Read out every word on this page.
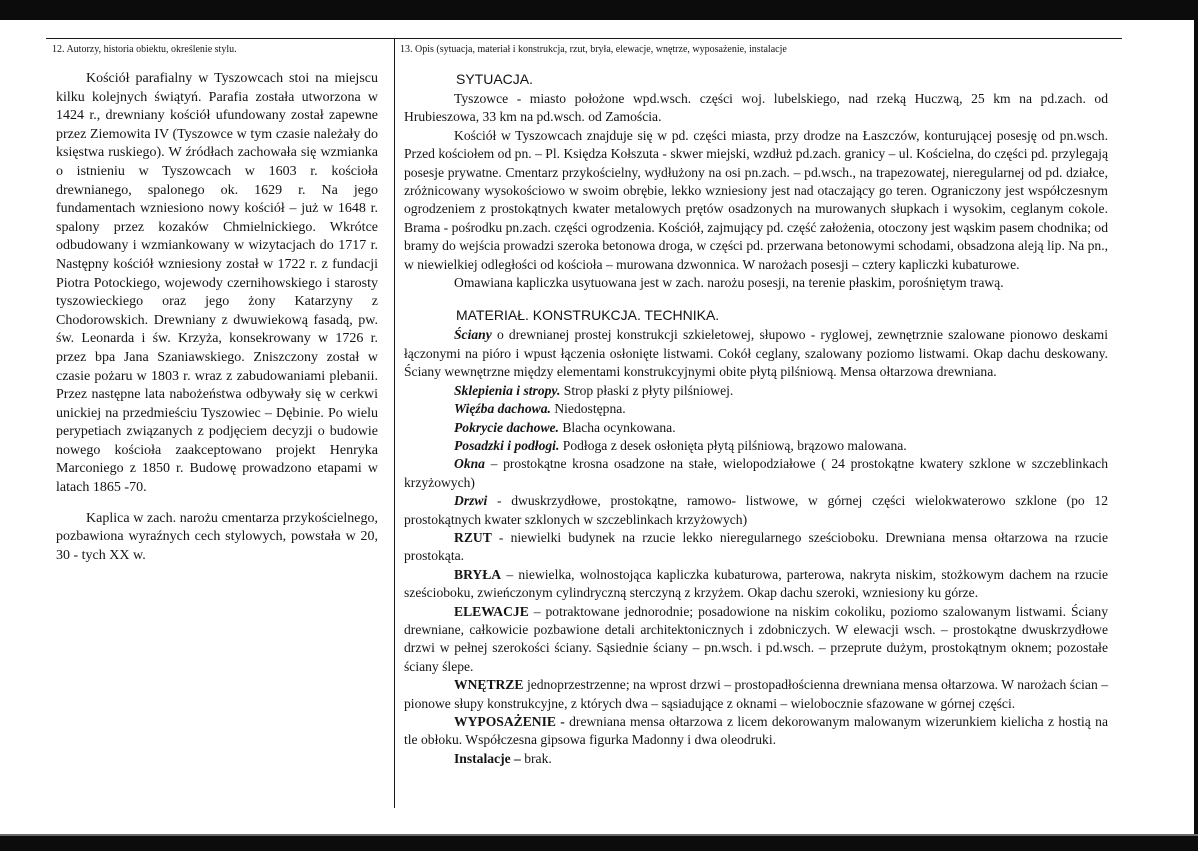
12. Autorzy, historia obiektu, określenie stylu.	13. Opis (sytuacja, materiał i konstrukcja, rzut, bryła, elewacje, wnętrze, wyposażenie, instalacje

Kościół parafialny w Tyszowcach stoi na miejscu kilku kolejnych świątyń. Parafia została utworzona w 1424 r., drewniany kościół ufundowany został zapewne przez Ziemowita IV (Tyszowce w tym czasie należały do księstwa ruskiego). W źródłach zachowała się wzmianka o istnieniu w Tyszowcach w 1603 r. kościoła drewnianego, spalonego ok. 1629 r. Na jego fundamentach wzniesiono nowy kościół – już w 1648 r. spalony przez kozaków Chmielnickiego. Wkrótce odbudowany i wzmiankowany w wizytacjach do 1717 r. Następny kościół wzniesiony został w 1722 r. z fundacji Piotra Potockiego, wojewody czernihowskiego i starosty tyszowieckiego oraz jego żony Katarzyny z Chodorowskich. Drewniany z dwuwiekową fasadą, pw. św. Leonarda i św. Krzyża, konsekrowany w 1726 r. przez bpa Jana Szaniawskiego. Zniszczony został w czasie pożaru w 1803 r. wraz z zabudowaniami plebanii. Przez następne lata nabożeństwa odbywały się w cerkwi unickiej na przedmieściu Tyszowiec – Dębinie. Po wielu perypetiach związanych z podjęciem decyzji o budowie nowego kościoła zaakceptowano projekt Henryka Marconiego z 1850 r. Budowę prowadzono etapami w latach 1865 -70.

Kaplica w zach. narożu cmentarza przykościelnego, pozbawiona wyraźnych cech stylowych, powstała w 20, 30 - tych XX w.

SYTUACJA.

Tyszowce - miasto położone wpd.wsch. części woj. lubelskiego, nad rzeką Huczwą, 25 km na pd.zach. od Hrubieszowa, 33 km na pd.wsch. od Zamościa.

Kościół w Tyszowcach znajduje się w pd. części miasta, przy drodze na Łaszczów, konturującej posesję od pn.wsch. Przed kościołem od pn. – Pl. Księdza Kołszuta - skwer miejski, wzdłuż pd.zach. granicy – ul. Kościelna, do części pd. przylegają posesje prywatne. Cmentarz przykościelny, wydłużony na osi pn.zach. – pd.wsch., na trapezowatej, nieregularnej od pd. działce, zróżnicowany wysokościowo w swoim obrębie, lekko wzniesiony jest nad otaczający go teren. Ograniczony jest współczesnym ogrodzeniem z prostokątnych kwater metalowych prętów osadzonych na murowanych słupkach i wysokim, ceglanym cokole. Brama - pośrodku pn.zach. części ogrodzenia. Kościół, zajmujący pd. część założenia, otoczony jest wąskim pasem chodnika; od bramy do wejścia prowadzi szeroka betonowa droga, w części pd. przerwana betonowymi schodami, obsadzona aleją lip. Na pn., w niewielkiej odległości od kościoła – murowana dzwonnica. W narożach posesji – cztery kapliczki kubaturowe.

Omawiana kapliczka usytuowana jest w zach. narożu posesji, na terenie płaskim, porośniętym trawą.

MATERIAŁ. KONSTRUKCJA. TECHNIKA.

Ściany o drewnianej prostej konstrukcji szkieletowej, słupowo - ryglowej, zewnętrznie szalowane pionowo deskami łączonymi na pióro i wpust łączenia osłonięte listwami. Cokół ceglany, szalowany poziomo listwami. Okap dachu deskowany. Ściany wewnętrzne między elementami konstrukcyjnymi obite płytą pilśniową. Mensa ołtarzowa drewniana.

Sklepienia i stropy. Strop płaski z płyty pilśniowej.

Więźba dachowa. Niedostępna.

Pokrycie dachowe. Blacha ocynkowana.

Posadzki i podłogi. Podłoga z desek osłonięta płytą pilśniową, brązowo malowana.

Okna – prostokątne krosna osadzone na stałe, wielopodziałowe ( 24 prostokątne kwatery szklone w szczeblinkach krzyżowych)

Drzwi - dwuskrzydłowe, prostokątne, ramowo- listwowe, w górnej części wielokwaterowo szklone (po 12 prostokątnych kwater szklonych w szczeblinkach krzyżowych)

RZUT - niewielki budynek na rzucie lekko nieregularnego sześcioboku. Drewniana mensa ołtarzowa na rzucie prostokąta.

BRYŁA – niewielka, wolnostojąca kapliczka kubaturowa, parterowa, nakryta niskim, stożkowym dachem na rzucie sześcioboku, zwieńczonym cylindryczną sterczyną z krzyżem. Okap dachu szeroki, wzniesiony ku górze.

ELEWACJE – potraktowane jednorodnie; posadowione na niskim cokoliku, poziomo szalowanym listwami. Ściany drewniane, całkowicie pozbawione detali architektonicznych i zdobniczych. W elewacji wsch. – prostokątne dwuskrzydłowe drzwi w pełnej szerokości ściany. Sąsiednie ściany – pn.wsch. i pd.wsch. – przeprute dużym, prostokątnym oknem; pozostałe ściany ślepe.

WNĘTRZE jednoprzestrzenne; na wprost drzwi – prostopadłościenna drewniana mensa ołtarzowa. W narożach ścian – pionowe słupy konstrukcyjne, z których dwa – sąsiadujące z oknami – wielobocznie sfazowane w górnej części.

WYPOSAŻENIE - drewniana mensa ołtarzowa z licem dekorowanym malowanym wizerunkiem kielicha z hostią na tle obłoku. Współczesna gipsowa figurka Madonny i dwa oleodruki.

Instalacje – brak.
